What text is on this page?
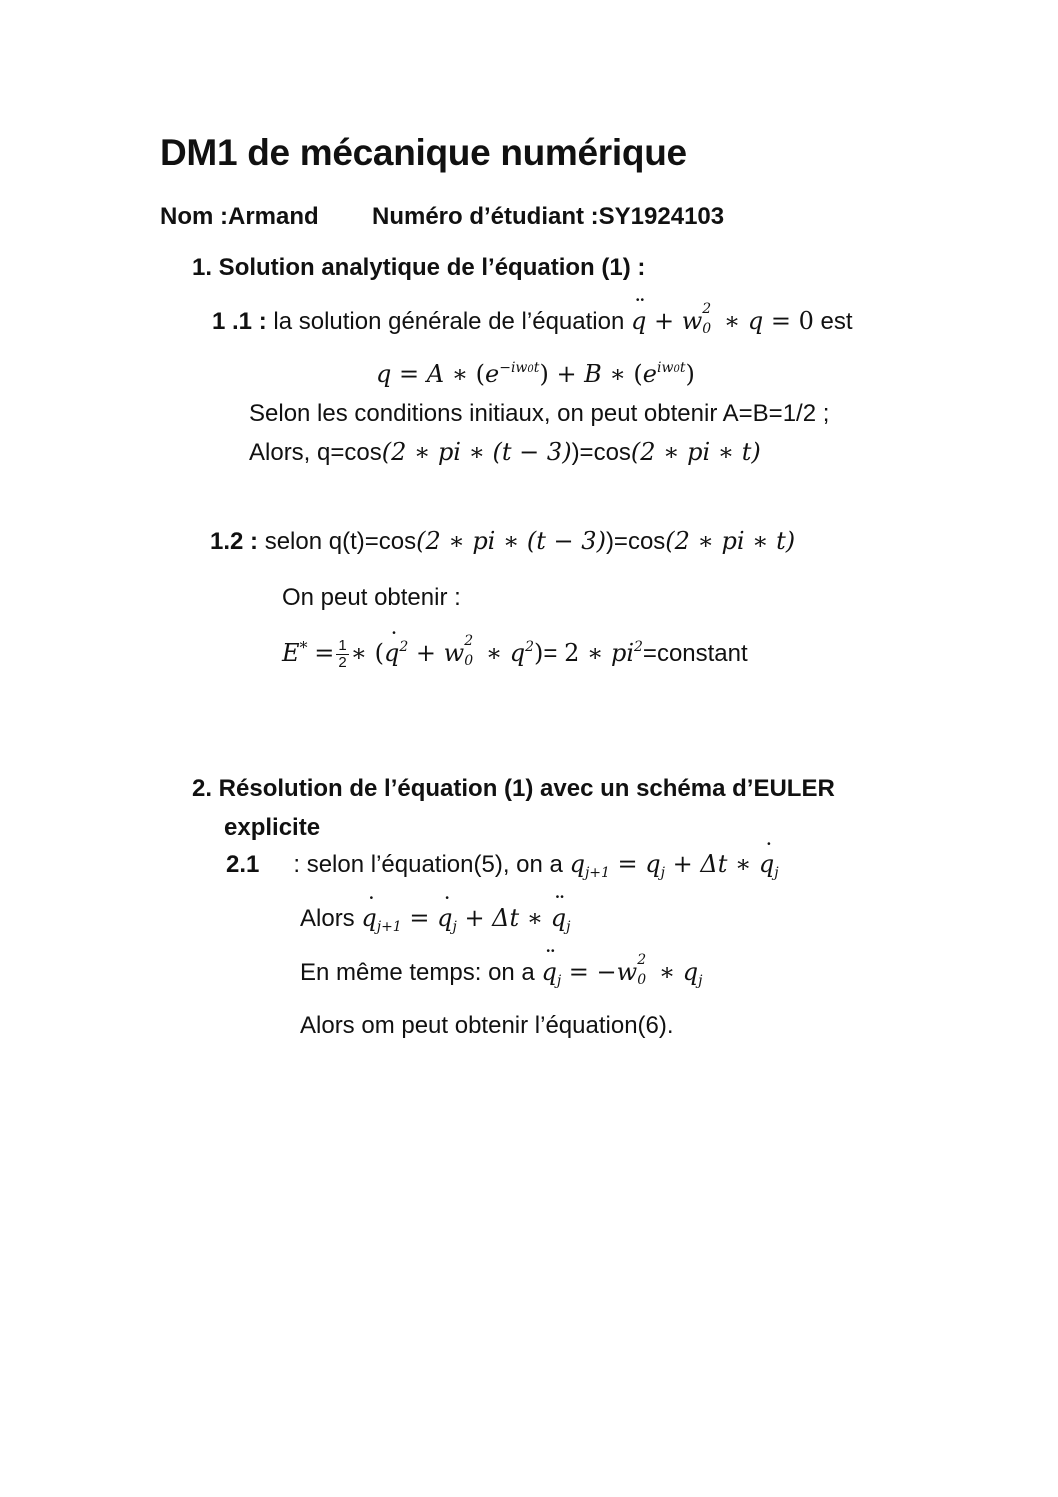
DM1 de mécanique numérique
Nom :Armand Numéro d’étudiant :SY1924103
1. Solution analytique de l’équation (1) :
1 .1 : la solution générale de l’équation ¨ q + w 2
0 ∗ q = 0 est
q = A ∗ $(e^{-iw0t}) + B$ ∗ $(e^{iw0t})$
Selon les conditions initiaux, on peut obtenir A=B=1/2 ;
Alors, q=cos(2 ∗ pi ∗ (t − 3))=cos(2 ∗ pi ∗ t)
1.2 : selon q(t)=cos(2 ∗ pi ∗ (t − 3))=cos(2 ∗ pi ∗ t)
On peut obtenir :
$E^* = \frac{1}{2}$ ∗ (˙ $q^2 + w$ 2
0 ∗ $q^2)= 2$ ∗ $pi^2=constant$
2. Résolution de l’équation (1) avec un schéma d’EULER
explicite
2.1 : selon l’équation(5), on a $q_{j+1} = q_j + \Delta t$ ∗ ˙ $q_j$
Alors ˙ $q_{j+1}$ = ˙ $q_j + \Delta t$ ∗ ¨ $q_j$
En même temps: on a ¨ $q_j = -w$ 2
0 ∗ $q_j$
Alors om peut obtenir l’équation(6).
